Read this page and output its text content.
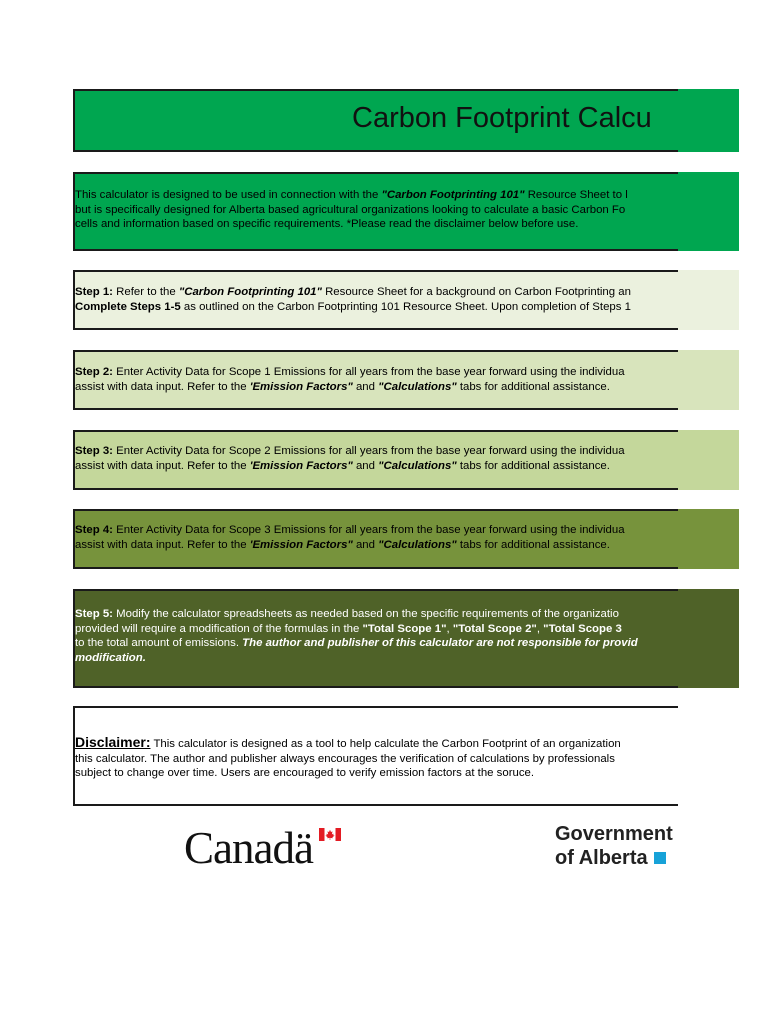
Carbon Footprint Calcu
This calculator is designed to be used in connection with the "Carbon Footprinting 101" Resource Sheet to l
but is specifically designed for Alberta based agricultural organizations looking to calculate a basic Carbon Fo
cells and information based on specific requirements. *Please read the disclaimer below before use.
Step 1: Refer to the "Carbon Footprinting 101" Resource Sheet for a background on Carbon Footprinting an
Complete Steps 1-5 as outlined on the Carbon Footprinting 101 Resource Sheet. Upon completion of Steps 1
Step 2: Enter Activity Data for Scope 1 Emissions for all years from the base year forward using the individua
assist with data input. Refer to the 'Emission Factors" and "Calculations" tabs for additional assistance.
Step 3: Enter Activity Data for Scope 2 Emissions for all years from the base year forward using the individua
assist with data input. Refer to the 'Emission Factors" and "Calculations" tabs for additional assistance.
Step 4: Enter Activity Data for Scope 3 Emissions for all years from the base year forward using the individua
assist with data input. Refer to the 'Emission Factors" and "Calculations" tabs for additional assistance.
Step 5: Modify the calculator spreadsheets as needed based on the specific requirements of the organizatio
provided will require a modification of the formulas in the "Total Scope 1", "Total Scope 2", "Total Scope 3
to the total amount of emissions. The author and publisher of this calculator are not responsible for provid
modification.
Disclaimer: This calculator is designed as a tool to help calculate the Carbon Footprint of an organization
this calculator. The author and publisher always encourages the verification of calculations by professionals
subject to change over time. Users are encouraged to verify emission factors at the soruce.
Canadä	Government
of Alberta
